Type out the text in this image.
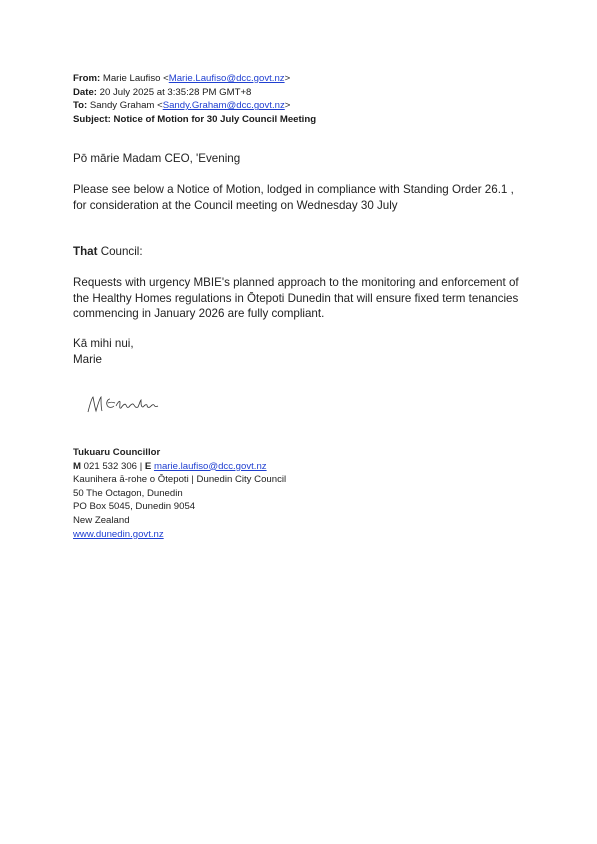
From: Marie Laufiso <Marie.Laufiso@dcc.govt.nz>
Date: 20 July 2025 at 3:35:28 PM GMT+8
To: Sandy Graham <Sandy.Graham@dcc.govt.nz>
Subject: Notice of Motion for 30 July Council Meeting
Pō mārie Madam CEO, 'Evening
Please see below a Notice of Motion, lodged in compliance with Standing Order 26.1 ,
for consideration at the Council meeting on Wednesday 30 July
That Council:
Requests with urgency MBIE's planned approach to the monitoring and enforcement of
the Healthy Homes regulations in Ōtepoti Dunedin that will ensure fixed term tenancies
commencing in January 2026 are fully compliant.
Kā mihi nui,
Marie
Tukuaru Councillor
M 021 532 306 | E marie.laufiso@dcc.govt.nz
Kaunihera ā-rohe o Ōtepoti | Dunedin City Council
50 The Octagon, Dunedin
PO Box 5045, Dunedin 9054
New Zealand
www.dunedin.govt.nz
